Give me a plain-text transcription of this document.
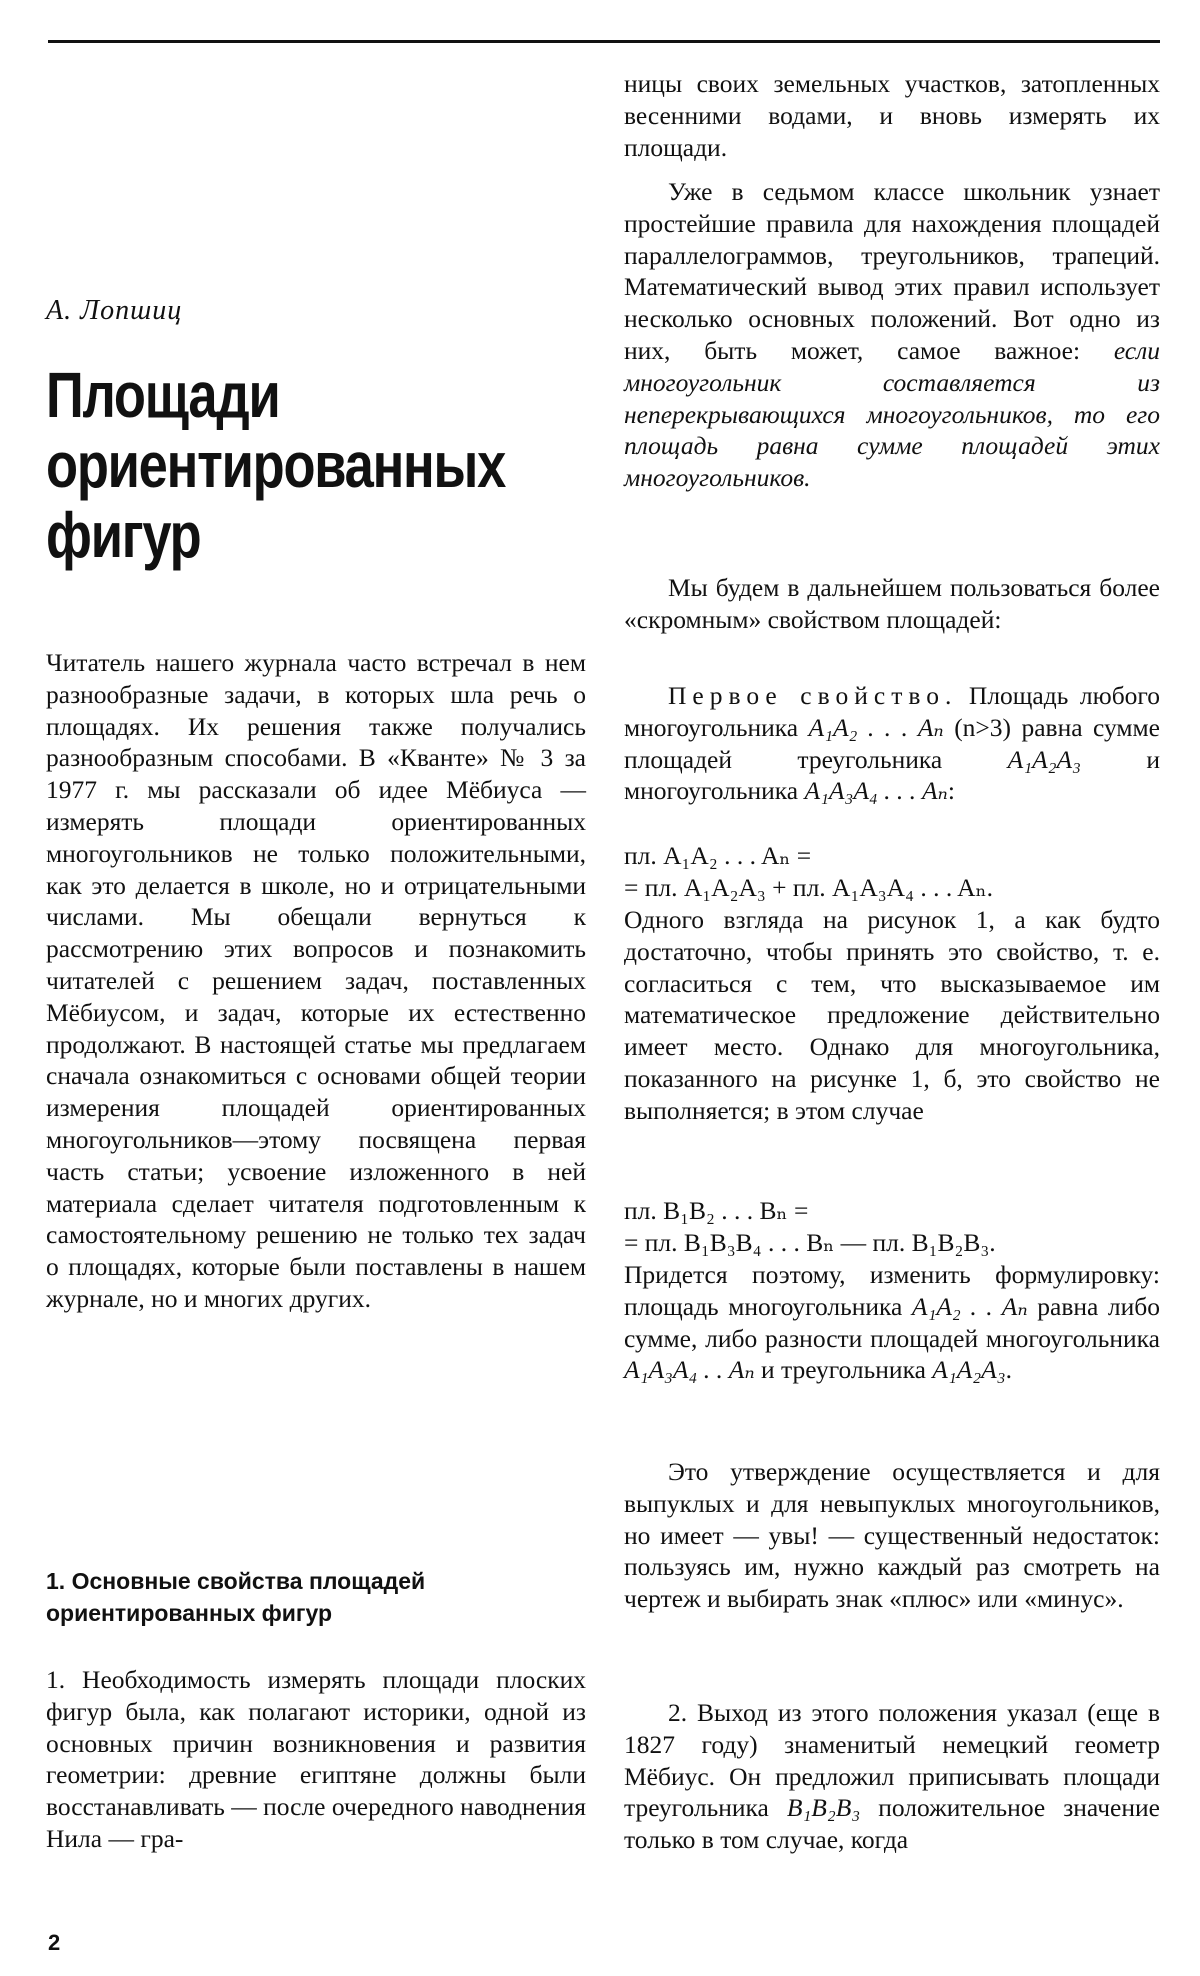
А. Лопшиц
Площади
ориентированных
фигур

Читатель нашего журнала часто встречал в нем разнообразные задачи, в которых шла речь о площадях. Их решения также получались разнообразным способами. В «Кванте» № 3 за 1977 г. мы рассказали об идее Мёбиуса — измерять площади ориентированных многоугольников не только положительными, как это делается в школе, но и отрицательными числами. Мы обещали вернуться к рассмотрению этих вопросов и познакомить читателей с решением задач, поставленных Мёбиусом, и задач, которые их естественно продолжают. В настоящей статье мы предлагаем сначала ознакомиться с основами общей теории измерения площадей ориентированных многоугольников—этому посвящена первая часть статьи; усвоение изложенного в ней материала сделает читателя подготовленным к самостоятельному решению не только тех задач о площадях, которые были поставлены в нашем журнале, но и многих других.

1. Основные свойства площадей ориентированных фигур

1. Необходимость измерять площади плоских фигур была, как полагают историки, одной из основных причин возникновения и развития геометрии: древние египтяне должны были восстанавливать — после очередного наводнения Нила — гра-

ницы своих земельных участков, затопленных весенними водами, и вновь измерять их площади.

Уже в седьмом классе школьник узнает простейшие правила для нахождения площадей параллелограммов, треугольников, трапеций. Математический вывод этих правил использует несколько основных положений. Вот одно из них, быть может, самое важное: если многоугольник составляется из неперекрывающихся многоугольников, то его площадь равна сумме площадей этих многоугольников.

Мы будем в дальнейшем пользоваться более «скромным» свойством площадей:

Первое свойство. Площадь любого многоугольника A₁A₂ . . . Aₙ (n>3) равна сумме площадей треугольника A₁A₂A₃ и многоугольника A₁A₃A₄ . . . Aₙ:

пл. A₁A₂ . . . Aₙ =
= пл. A₁A₂A₃ + пл. A₁A₃A₄ . . . Aₙ.

Одного взгляда на рисунок 1, а как будто достаточно, чтобы принять это свойство, т. е. согласиться с тем, что высказываемое им математическое предложение действительно имеет место. Однако для многоугольника, показанного на рисунке 1, б, это свойство не выполняется; в этом случае

пл. B₁B₂ . . . Bₙ =
= пл. B₁B₃B₄ . . . Bₙ — пл. B₁B₂B₃.

Придется поэтому, изменить формулировку: площадь многоугольника A₁A₂ . . Aₙ равна либо сумме, либо разности площадей многоугольника A₁A₃A₄ . . Aₙ и треугольника A₁A₂A₃.

Это утверждение осуществляется и для выпуклых и для невыпуклых многоугольников, но имеет — увы! — существенный недостаток: пользуясь им, нужно каждый раз смотреть на чертеж и выбирать знак «плюс» или «минус».

2. Выход из этого положения указал (еще в 1827 году) знаменитый немецкий геометр Мёбиус. Он предложил приписывать площади треугольника B₁B₂B₃ положительное значение только в том случае, когда

2
